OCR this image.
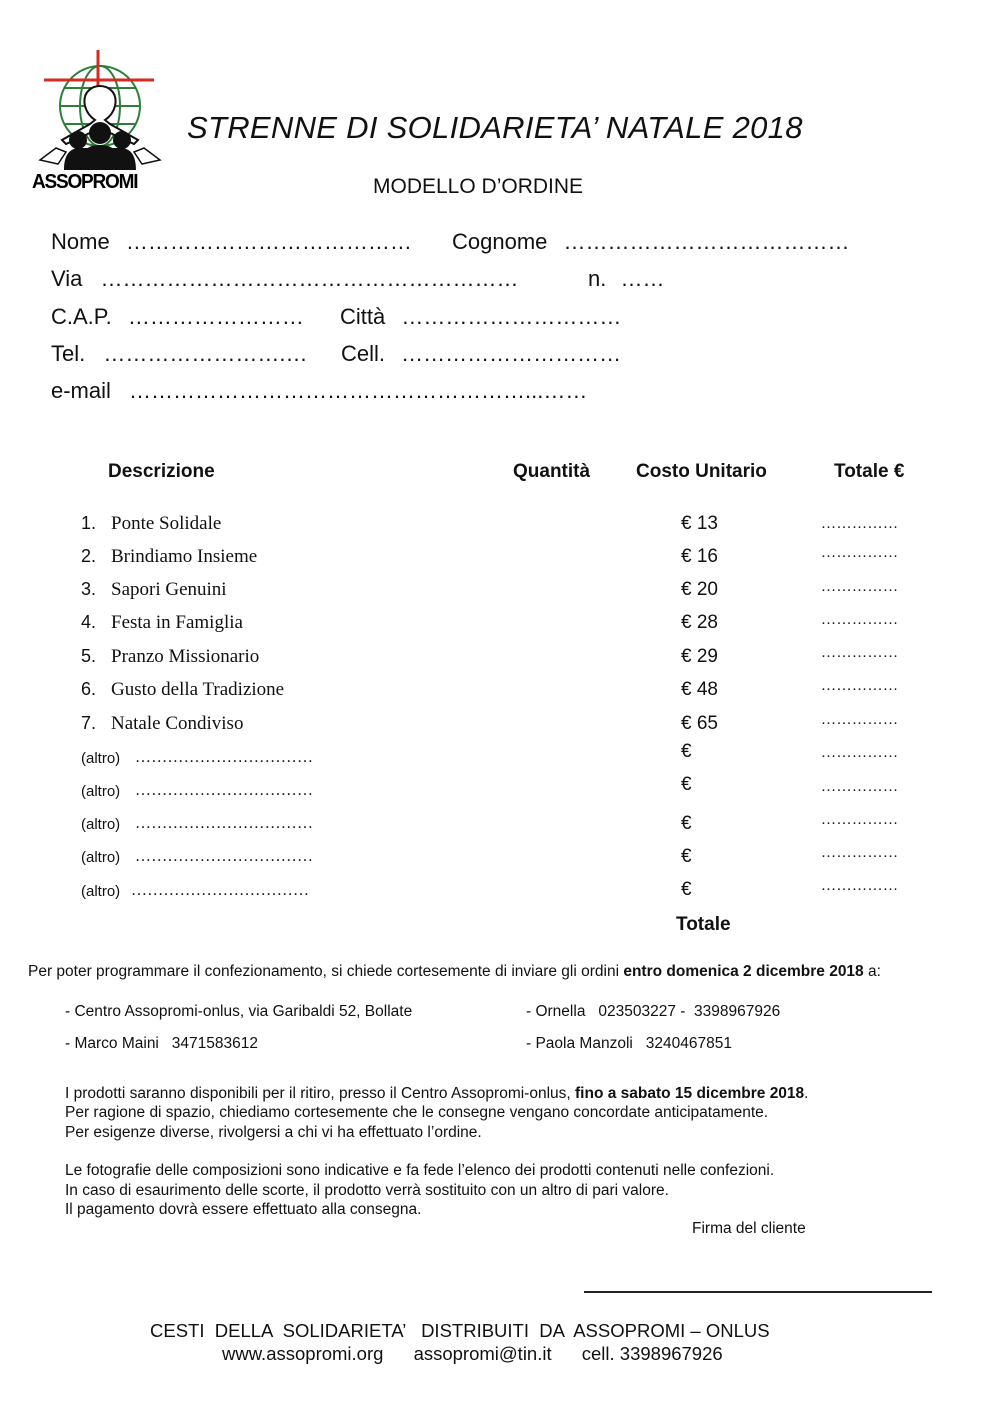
ASSOPROMI
STRENNE DI SOLIDARIETA’ NATALE 2018
MODELLO D’ORDINE
Nome ………………………………… Cognome …………………………………
Via …………………………………………………	n. ……
C.A.P. …………………… Città …………………………
Tel. …………………….… Cell. …………………………
e-mail ………………………………………………...……
Descrizione	Quantità Costo Unitario	Totale €
1. Ponte Solidale	€ 13	……………
2. Brindiamo Insieme	€ 16	……………
3. Sapori Genuini	€ 20	……………
4. Festa in Famiglia	€ 28	……………
5. Pranzo Missionario	€ 29	……………
6. Gusto della Tradizione	€ 48	……………
7. Natale Condiviso	€ 65	……………
(altro) ……………………………	€	……………
(altro) ……………………………	€	……………
(altro) ……………………………	€	……………
(altro) ……………………………	€	……………
(altro) ……………………………	€	……………
Totale
Per poter programmare il confezionamento, si chiede cortesemente di inviare gli ordini entro domenica 2 dicembre 2018 a:
- Centro Assopromi-onlus, via Garibaldi 52, Bollate	- Ornella   023503227 -  3398967926
- Marco Maini   3471583612	- Paola Manzoli   3240467851
I prodotti saranno disponibili per il ritiro, presso il Centro Assopromi-onlus, fino a sabato 15 dicembre 2018.
Per ragione di spazio, chiediamo cortesemente che le consegne vengano concordate anticipatamente.
Per esigenze diverse, rivolgersi a chi vi ha effettuato l’ordine.
Le fotografie delle composizioni sono indicative e fa fede l’elenco dei prodotti contenuti nelle confezioni.
In caso di esaurimento delle scorte, il prodotto verrà sostituito con un altro di pari valore.
Il pagamento dovrà essere effettuato alla consegna.
Firma del cliente
CESTI  DELLA  SOLIDARIETA’   DISTRIBUITI  DA  ASSOPROMI – ONLUS
www.assopromi.org assopromi@tin.it cell. 3398967926
